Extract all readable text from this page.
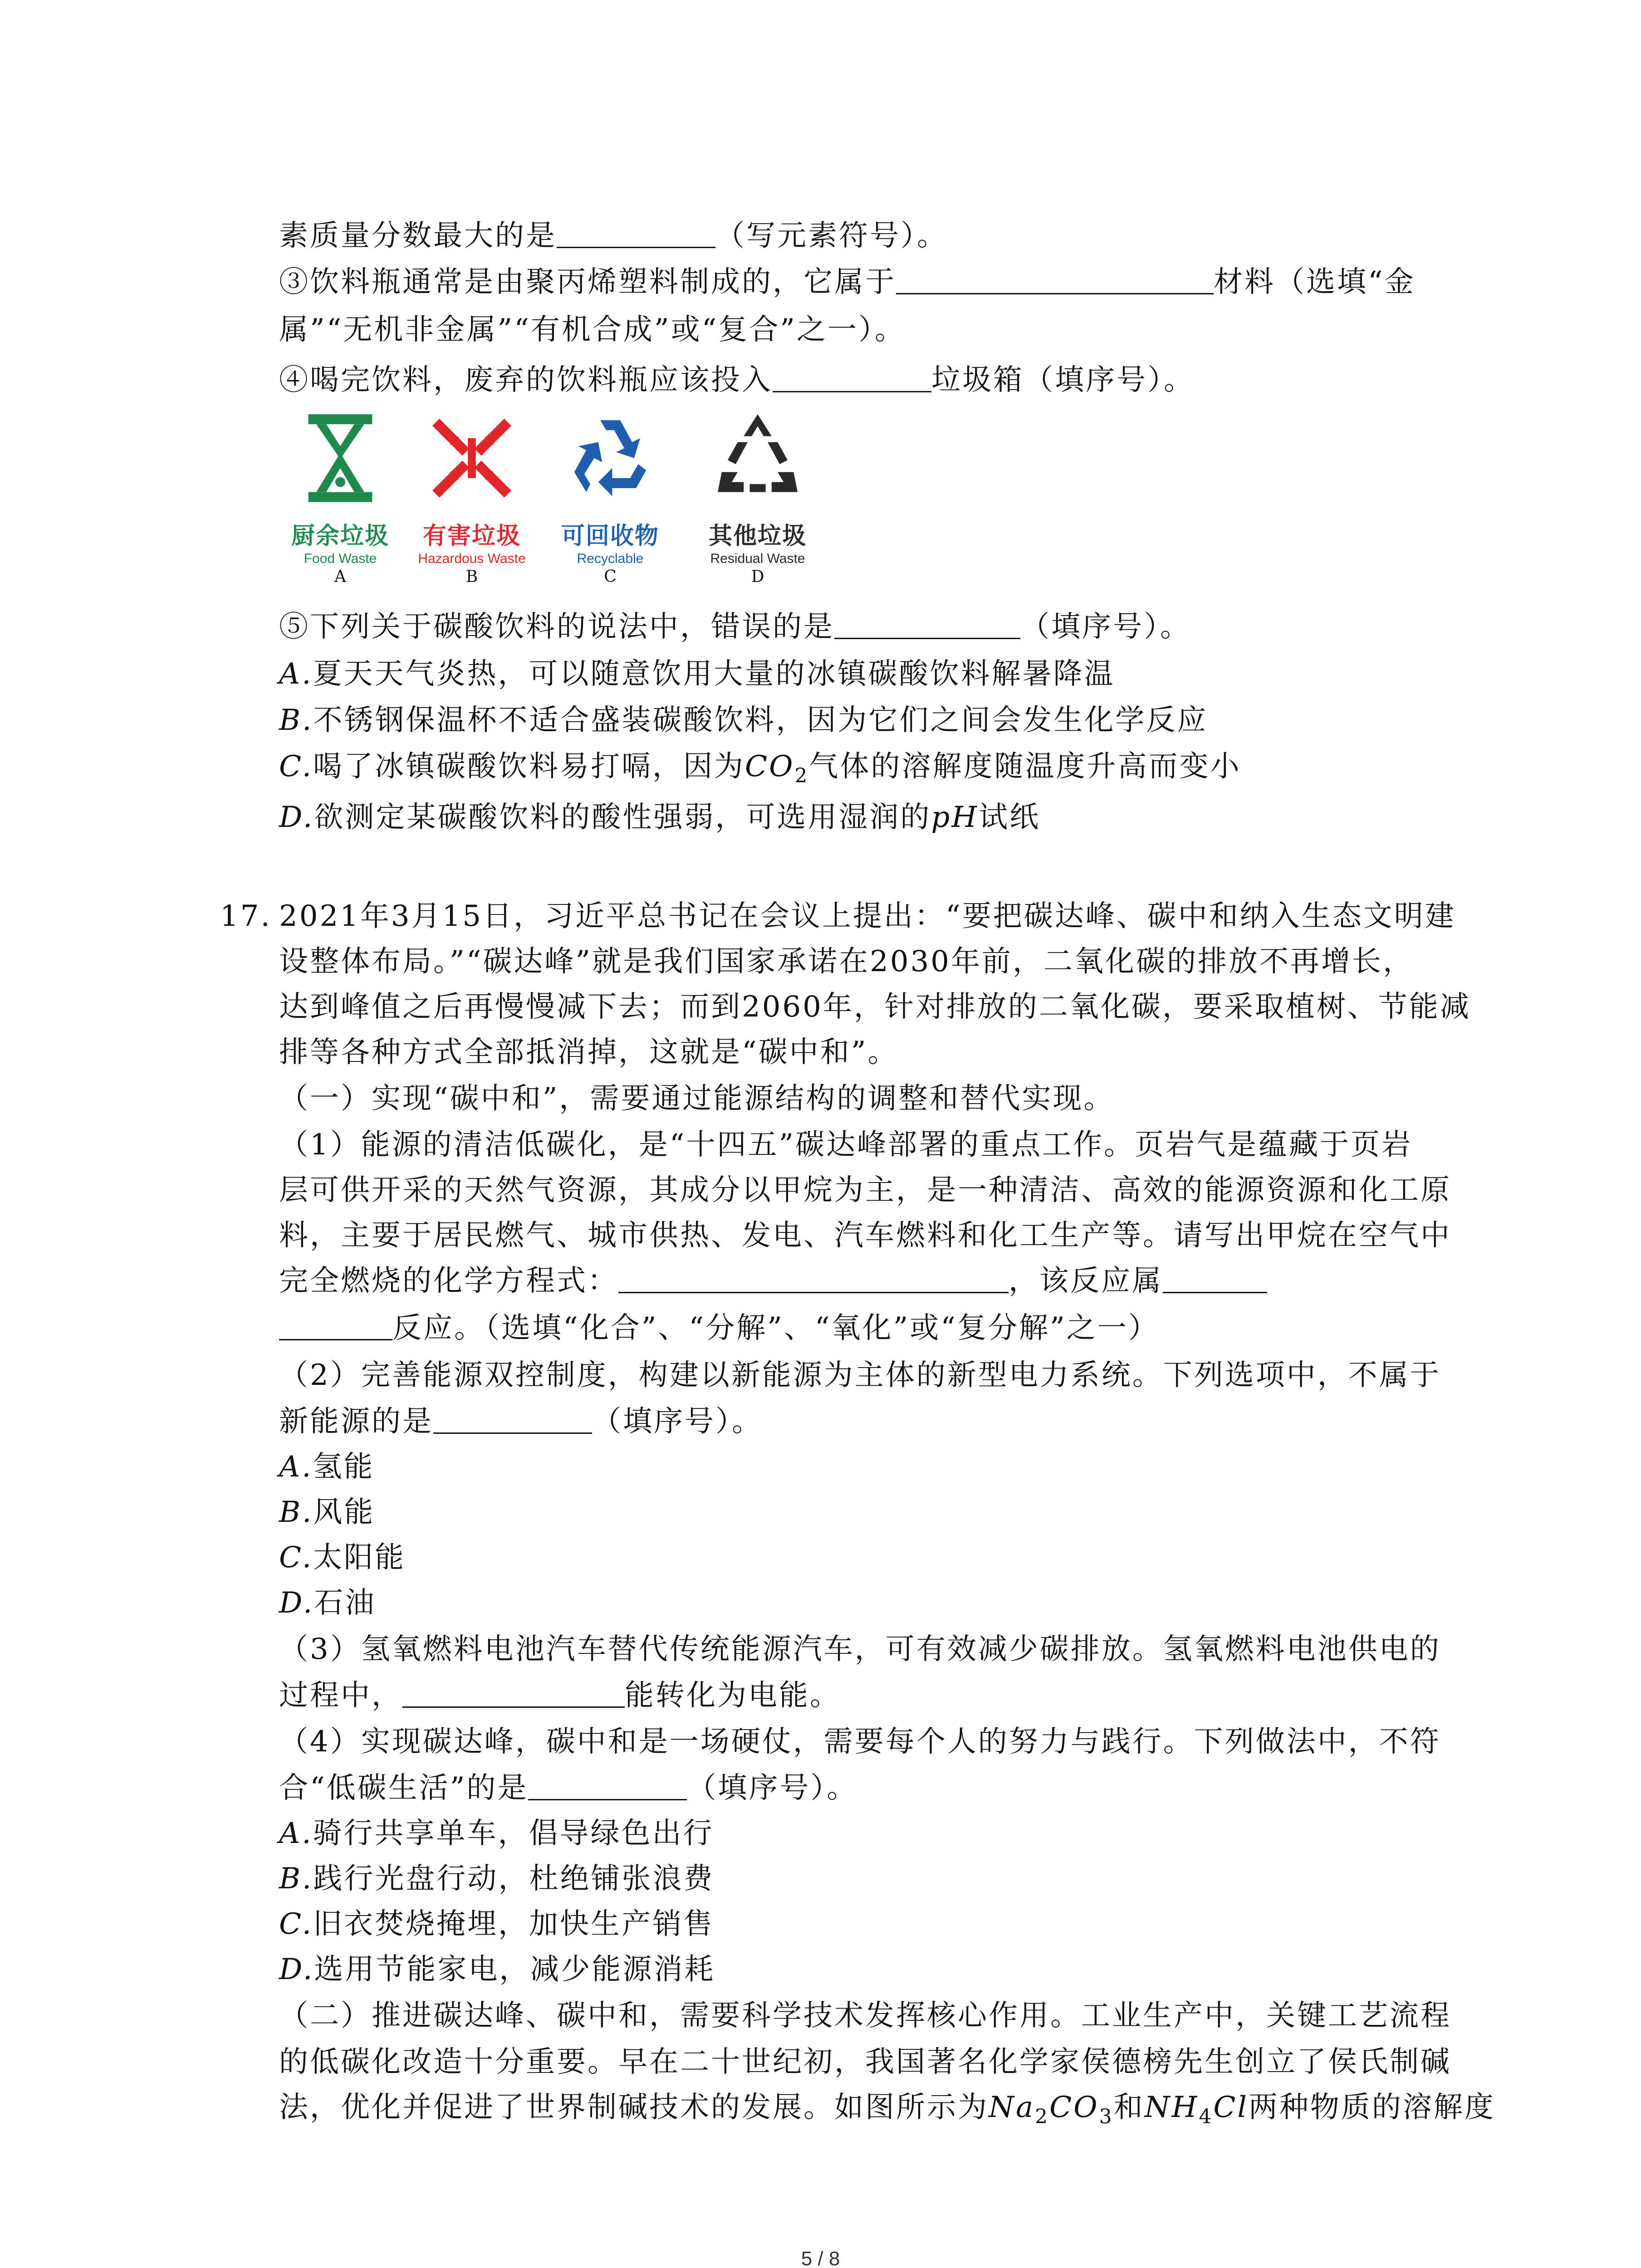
素质量分数最大的是	（写元素符号）。
③饮料瓶通常是由聚丙烯塑料制成的，它属于	材料（选填“金
属”“无机非金属”“有机合成”或“复合”之一）。
④喝完饮料，废弃的饮料瓶应该投入	垃圾箱（填序号）。
厨余垃圾
Food Waste
A
有害垃圾
Hazardous Waste
B
可回收物
Recyclable
C
其他垃圾
Residual Waste
D
⑤下列关于碳酸饮料的说法中，错误的是	（填序号）。
A.夏天天气炎热，可以随意饮用大量的冰镇碳酸饮料解暑降温
B.不锈钢保温杯不适合盛装碳酸饮料，因为它们之间会发生化学反应
C.喝了冰镇碳酸饮料易打嗝，因为$CO_2$气体的溶解度随温度升高而变小
D.欲测定某碳酸饮料的酸性强弱，可选用湿润的pH试纸
17. 2021年3月15日，习近平总书记在会议上提出：“要把碳达峰、碳中和纳入生态文明建
设整体布局。”“碳达峰”就是我们国家承诺在2030年前，二氧化碳的排放不再增长，
达到峰值之后再慢慢减下去；而到2060年，针对排放的二氧化碳，要采取植树、节能减
排等各种方式全部抵消掉，这就是“碳中和”。
（一）实现“碳中和”，需要通过能源结构的调整和替代实现。
（1）能源的清洁低碳化，是“十四五”碳达峰部署的重点工作。页岩气是蕴藏于页岩
层可供开采的天然气资源，其成分以甲烷为主，是一种清洁、高效的能源资源和化工原
料，主要于居民燃气、城市供热、发电、汽车燃料和化工生产等。请写出甲烷在空气中
完全燃烧的化学方程式：	，该反应属
反应。（选填“化合”、“分解”、“氧化”或“复分解”之一）
（2）完善能源双控制度，构建以新能源为主体的新型电力系统。下列选项中，不属于
新能源的是	（填序号）。
A.氢能
B.风能
C.太阳能
D.石油
（3）氢氧燃料电池汽车替代传统能源汽车，可有效减少碳排放。氢氧燃料电池供电的
过程中，	能转化为电能。
（4）实现碳达峰，碳中和是一场硬仗，需要每个人的努力与践行。下列做法中，不符
合“低碳生活”的是	（填序号）。
A.骑行共享单车，倡导绿色出行
B.践行光盘行动，杜绝铺张浪费
C.旧衣焚烧掩埋，加快生产销售
D.选用节能家电，减少能源消耗
（二）推进碳达峰、碳中和，需要科学技术发挥核心作用。工业生产中，关键工艺流程
的低碳化改造十分重要。早在二十世纪初，我国著名化学家侯德榜先生创立了侯氏制碱
法，优化并促进了世界制碱技术的发展。如图所示为$Na_2CO_3$和$NH_4Cl$两种物质的溶解度
5 / 8
